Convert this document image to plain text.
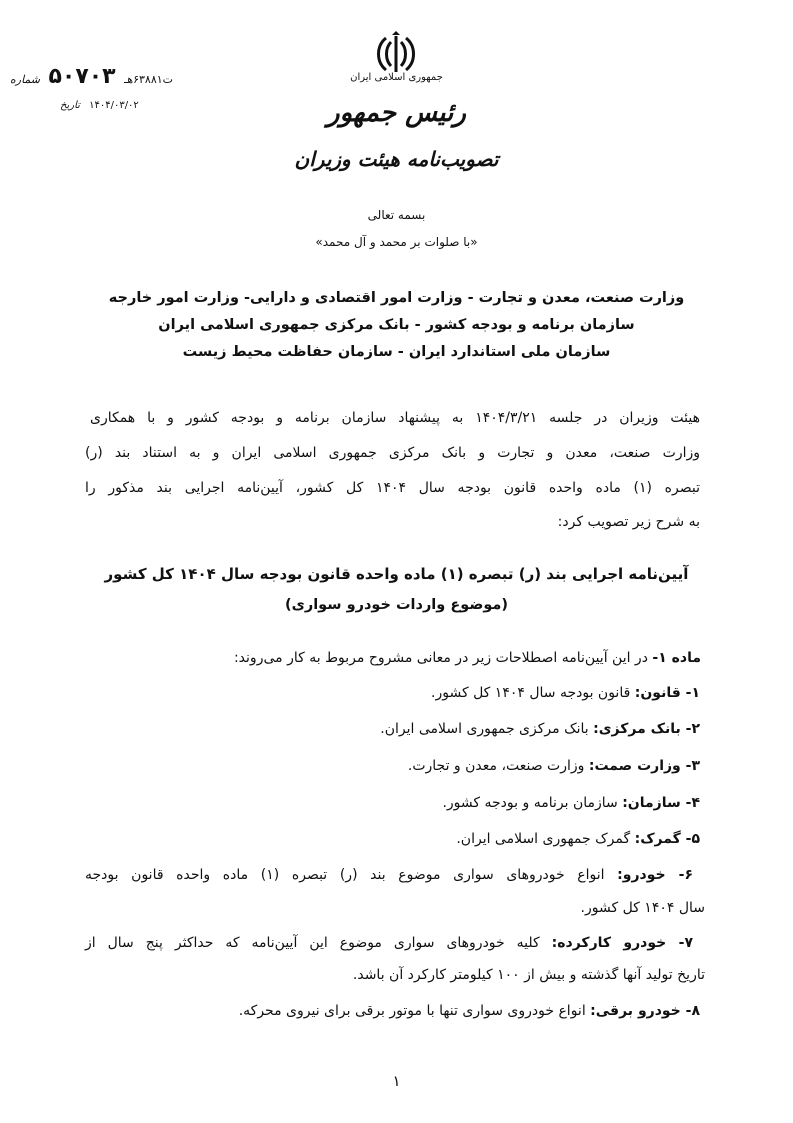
جمهوری اسلامی ایران
رئیس جمهور
تصویب‌نامه هیئت وزیران
ت۶۳۸۸۱هـ ۵۰۷۰۳ شماره
۱۴۰۴/۰۳/۰۲ تاریخ
بسمه تعالی
«با صلوات بر محمد و آل محمد»
وزارت صنعت، معدن و تجارت - وزارت امور اقتصادی و دارایی- وزارت امور خارجه
سازمان برنامه و بودجه کشور - بانک مرکزی جمهوری اسلامی ایران
سازمان ملی استاندارد ایران - سازمان حفاظت محیط زیست
هیئت وزیران در جلسه ۱۴۰۴/۳/۲۱ به پیشنهاد سازمان برنامه و بودجه کشور و با همکاری
وزارت صنعت، معدن و تجارت و بانک مرکزی جمهوری اسلامی ایران و به استناد بند (ر)
تبصره (۱) ماده واحده قانون بودجه سال ۱۴۰۴ کل کشور، آیین‌نامه اجرایی بند مذکور را
به شرح زیر تصویب کرد:
آیین‌نامه اجرایی بند (ر) تبصره (۱) ماده واحده قانون بودجه سال ۱۴۰۴ کل کشور
(موضوع واردات خودرو سواری)
ماده ۱- در این آیین‌نامه اصطلاحات زیر در معانی مشروح مربوط به کار می‌روند:
۱- قانون: قانون بودجه سال ۱۴۰۴ کل کشور.
۲- بانک مرکزی: بانک مرکزی جمهوری اسلامی ایران.
۳- وزارت صمت: وزارت صنعت، معدن و تجارت.
۴- سازمان: سازمان برنامه و بودجه کشور.
۵- گمرک: گمرک جمهوری اسلامی ایران.
۶- خودرو: انواع خودروهای سواری موضوع بند (ر) تبصره (۱) ماده واحده قانون بودجه
سال ۱۴۰۴ کل کشور.
۷- خودرو کارکرده: کلیه خودروهای سواری موضوع این آیین‌نامه که حداکثر پنج سال از
تاریخ تولید آنها گذشته و بیش از ۱۰۰ کیلومتر کارکرد آن باشد.
۸- خودرو برقی: انواع خودروی سواری تنها با موتور برقی برای نیروی محرکه.
۱
